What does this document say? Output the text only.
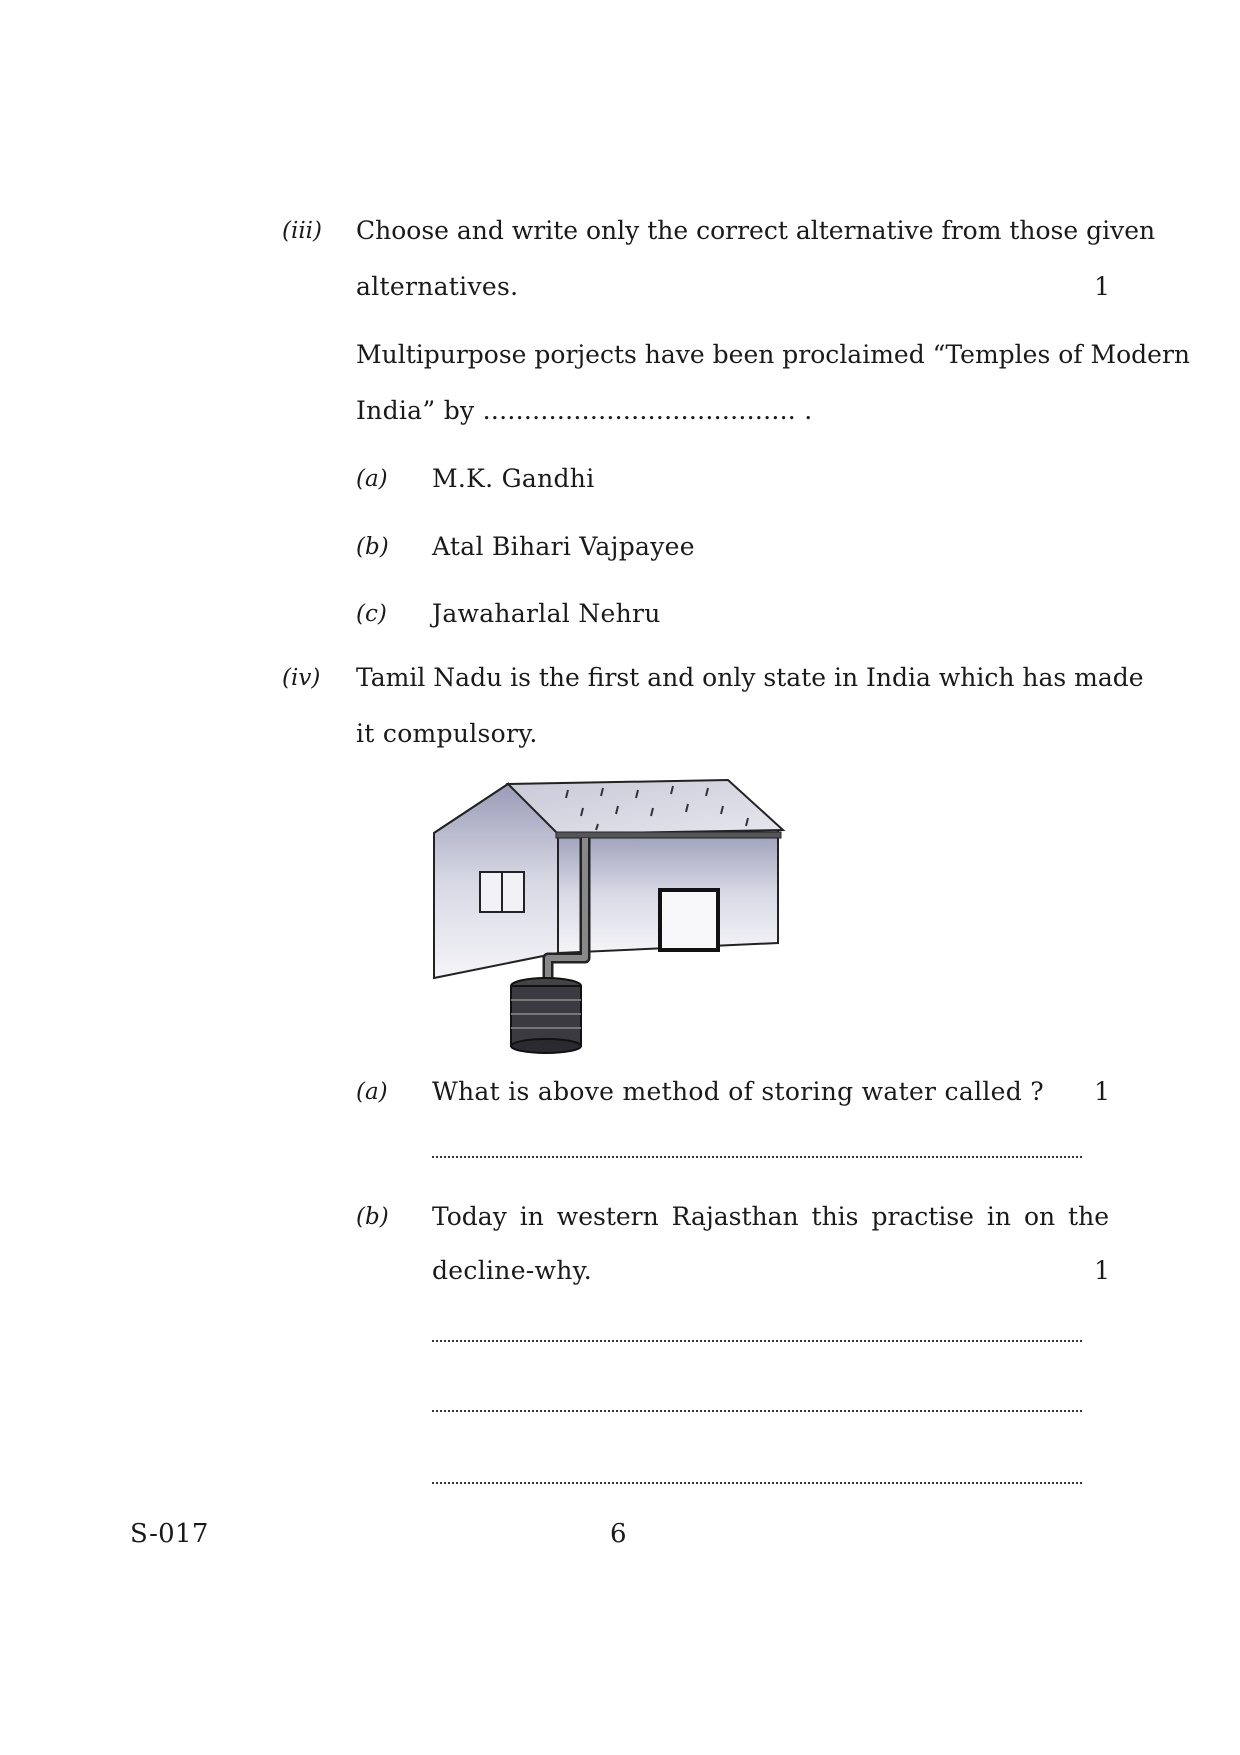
(iii) Choose and write only the correct alternative from those given
alternatives.	1
Multipurpose porjects have been proclaimed “Temples of Modern
India” by ...................................... .
(a) M.K. Gandhi
(b) Atal Bihari Vajpayee
(c) Jawaharlal Nehru
(iv) Tamil Nadu is the first and only state in India which has made
it compulsory.
(a) What is above method of storing water called ? 1
(b) Today in western Rajasthan this practise in on the
decline-why.	1
S-017	6
